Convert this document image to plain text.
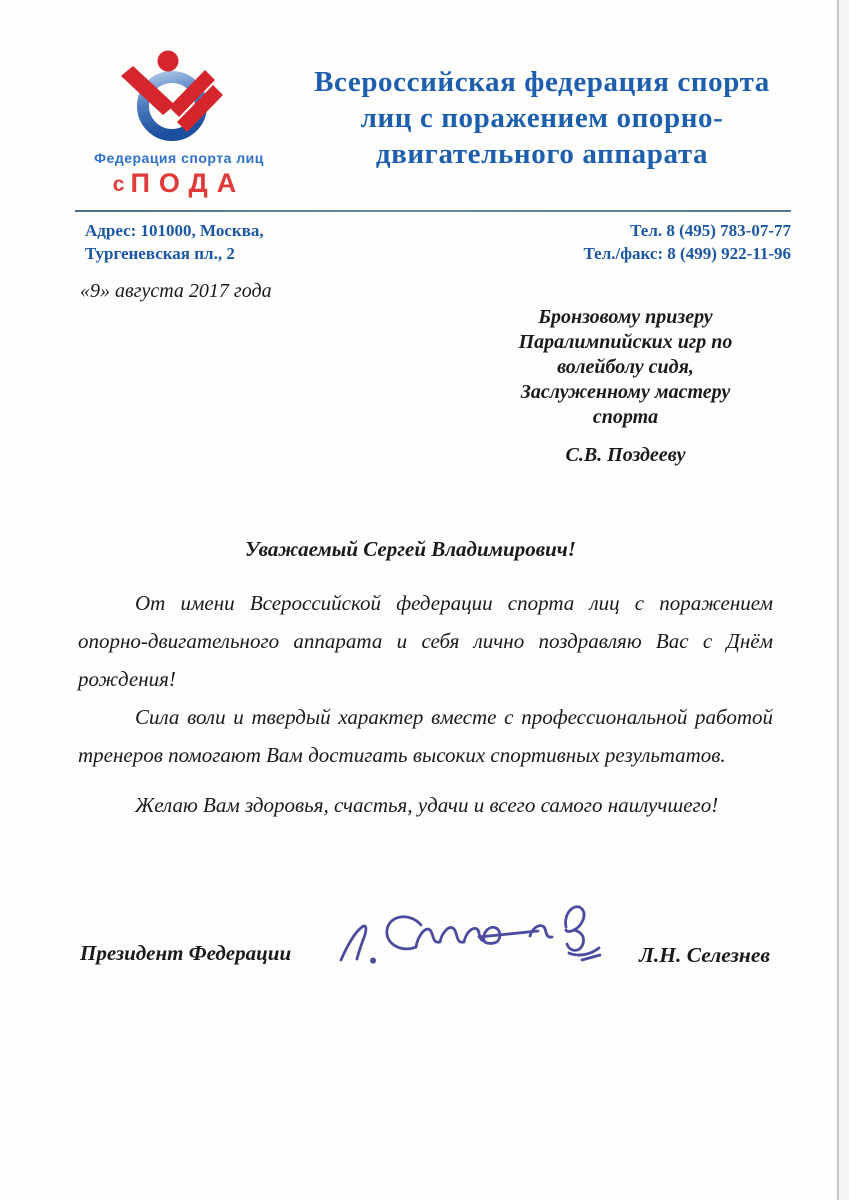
Федерация спорта лиц
сПОДА
Всероссийская федерация спорта
лиц с поражением опорно-
двигательного аппарата
Адрес: 101000, Москва,
Тургеневская пл., 2
Тел. 8 (495) 783-07-77
Тел./факс: 8 (499) 922-11-96
«9» августа 2017 года
Бронзовому призеру
Паралимпийских игр по
волейболу сидя,
Заслуженному мастеру
спорта
С.В. Поздееву
Уважаемый Сергей Владимирович!

От имени Всероссийской федерации спорта лиц с поражением опорно-двигательного аппарата и себя лично поздравляю Вас с Днём рождения!

Сила воли и твердый характер вместе с профессиональной работой тренеров помогают Вам достигать высоких спортивных результатов.

Желаю Вам здоровья, счастья, удачи и всего самого наилучшего!

Президент Федерации	Л.Н. Селезнев
